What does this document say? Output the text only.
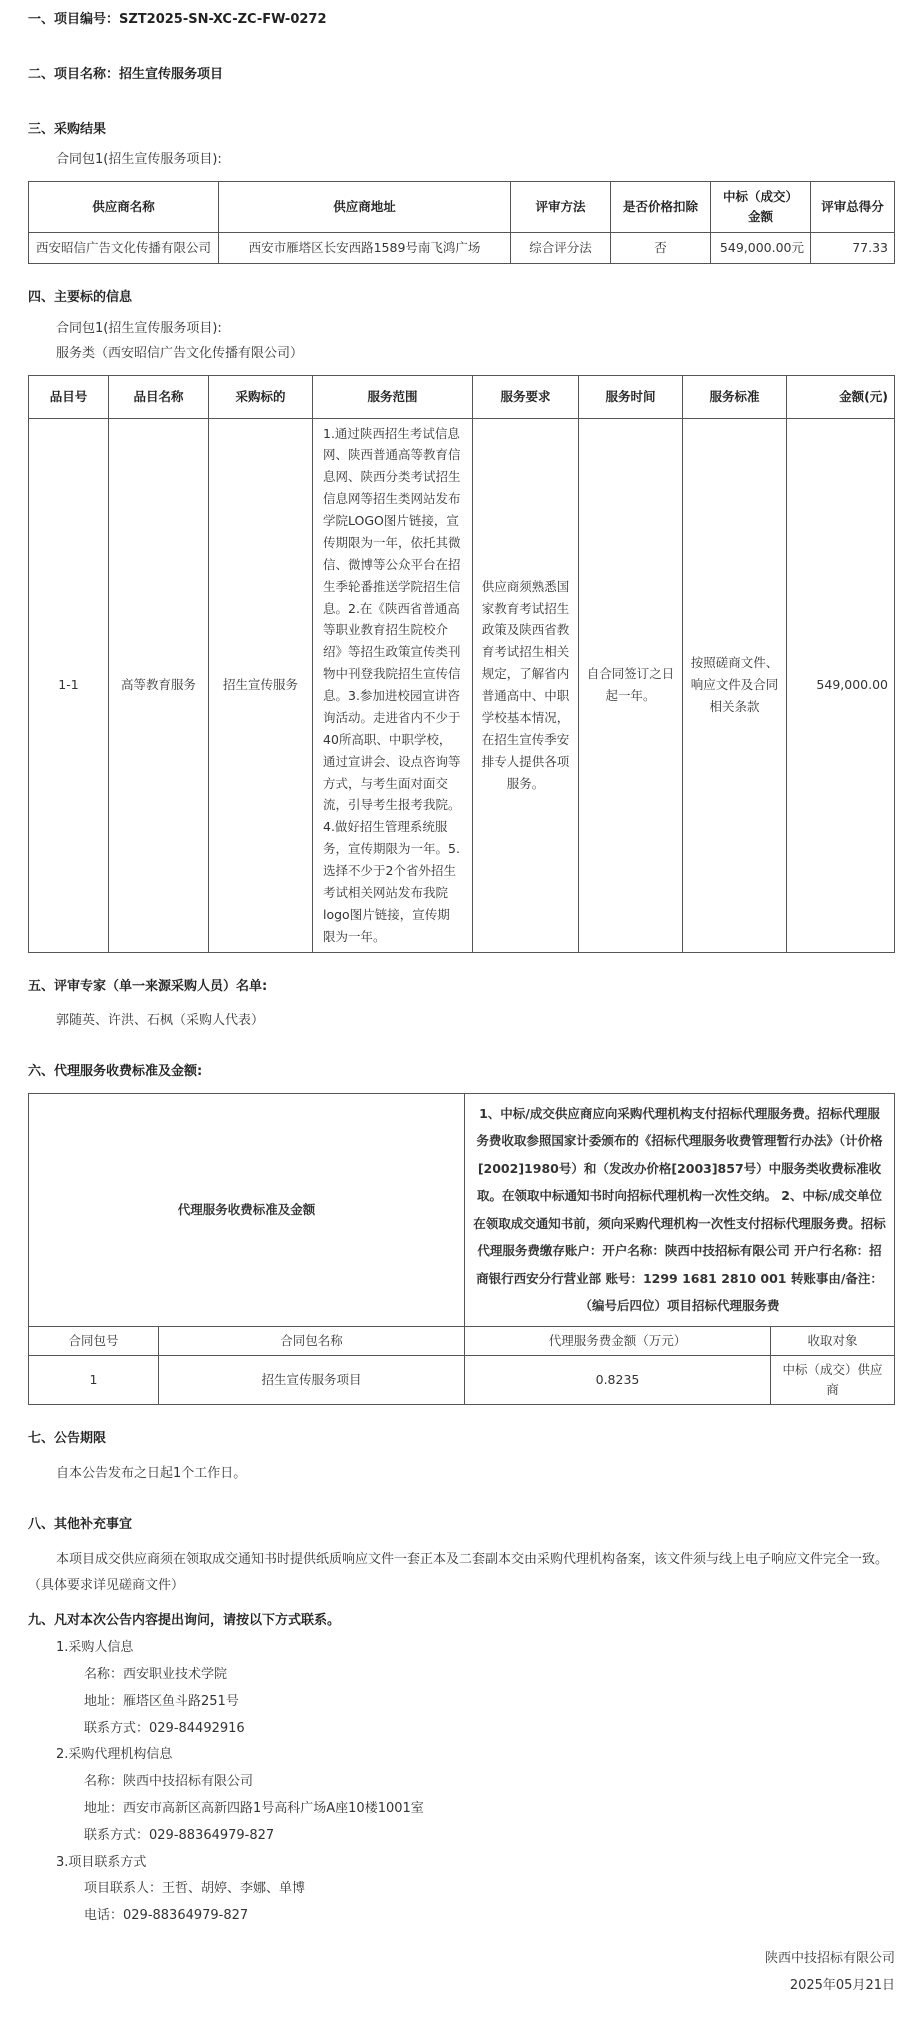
一、项目编号：SZT2025-SN-XC-ZC-FW-0272
二、项目名称：招生宣传服务项目
三、采购结果
合同包1(招生宣传服务项目):
供应商名称	供应商地址	评审方法	是否价格扣除	中标（成交）金额	评审总得分
西安昭信广告文化传播有限公司	西安市雁塔区长安西路1589号南飞鸿广场	综合评分法	否	549,000.00元	77.33
四、主要标的信息
合同包1(招生宣传服务项目):
服务类（西安昭信广告文化传播有限公司）
品目号	品目名称	采购标的	服务范围	服务要求	服务时间	服务标准	金额(元)
1-1	高等教育服务	招生宣传服务	1.通过陕西招生考试信息网、陕西普通高等教育信息网、陕西分类考试招生信息网等招生类网站发布学院LOGO图片链接，宣传期限为一年，依托其微信、微博等公众平台在招生季轮番推送学院招生信息。2.在《陕西省普通高等职业教育招生院校介绍》等招生政策宣传类刊物中刊登我院招生宣传信息。3.参加进校园宣讲咨询活动。走进省内不少于40所高职、中职学校，通过宣讲会、设点咨询等方式，与考生面对面交流，引导考生报考我院。4.做好招生管理系统服务，宣传期限为一年。5.选择不少于2个省外招生考试相关网站发布我院logo图片链接，宣传期限为一年。	供应商须熟悉国家教育考试招生政策及陕西省教育考试招生相关规定，了解省内普通高中、中职学校基本情况，在招生宣传季安排专人提供各项服务。	自合同签订之日起一年。	按照磋商文件、响应文件及合同相关条款	549,000.00
五、评审专家（单一来源采购人员）名单:
郭随英、许洪、石枫（采购人代表）
六、代理服务收费标准及金额:
代理服务收费标准及金额		1、中标/成交供应商应向采购代理机构支付招标代理服务费。招标代理服务费收取参照国家计委颁布的《招标代理服务收费管理暂行办法》（计价格[2002]1980号）和（发改办价格[2003]857号）中服务类收费标准收取。在领取中标通知书时向招标代理机构一次性交纳。 2、中标/成交单位在领取成交通知书前，须向采购代理机构一次性支付招标代理服务费。招标代理服务费缴存账户：开户名称：陕西中技招标有限公司 开户行名称：招商银行西安分行营业部 账号：1299 1681 2810 001 转账事由/备注：（编号后四位）项目招标代理服务费	
合同包号	合同包名称	代理服务费金额（万元）	收取对象
1	招生宣传服务项目	0.8235	中标（成交）供应商
七、公告期限
自本公告发布之日起1个工作日。
八、其他补充事宜
本项目成交供应商须在领取成交通知书时提供纸质响应文件一套正本及二套副本交由采购代理机构备案，该文件须与线上电子响应文件完全一致。（具体要求详见磋商文件）
九、凡对本次公告内容提出询问，请按以下方式联系。
1.采购人信息
名称：西安职业技术学院
地址：雁塔区鱼斗路251号
联系方式：029-84492916
2.采购代理机构信息
名称：陕西中技招标有限公司
地址：西安市高新区高新四路1号高科广场A座10楼1001室
联系方式：029-88364979-827
3.项目联系方式
项目联系人：王哲、胡婷、李娜、单博
电话：029-88364979-827
陕西中技招标有限公司
2025年05月21日
